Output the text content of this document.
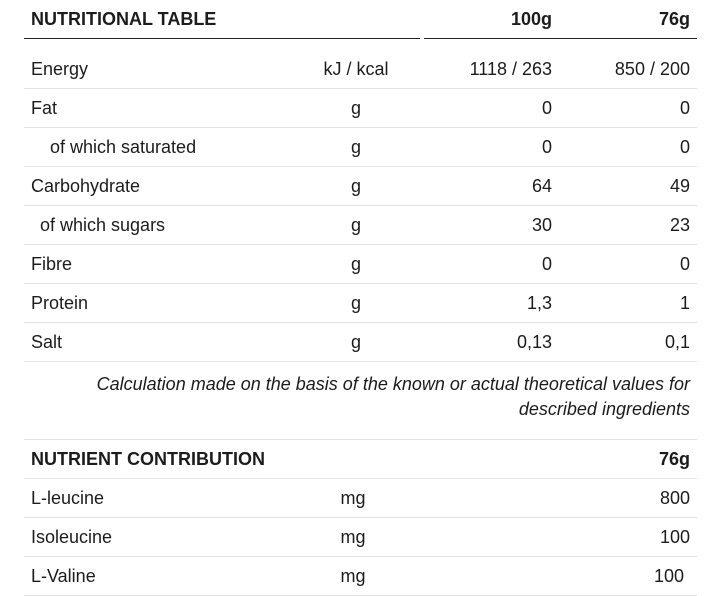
NUTRITIONAL TABLE	100g	76g
Energy	kJ / kcal	1118 / 263	850 / 200
Fat	g	0	0
of which saturated	g	0	0
Carbohydrate	g	64	49
of which sugars	g	30	23
Fibre	g	0	0
Protein	g	1,3	1
Salt	g	0,13	0,1
Calculation made on the basis of the known or actual theoretical values for described ingredients
NUTRIENT CONTRIBUTION	76g
L-leucine	mg	800
Isoleucine	mg	100
L-Valine	mg	100
